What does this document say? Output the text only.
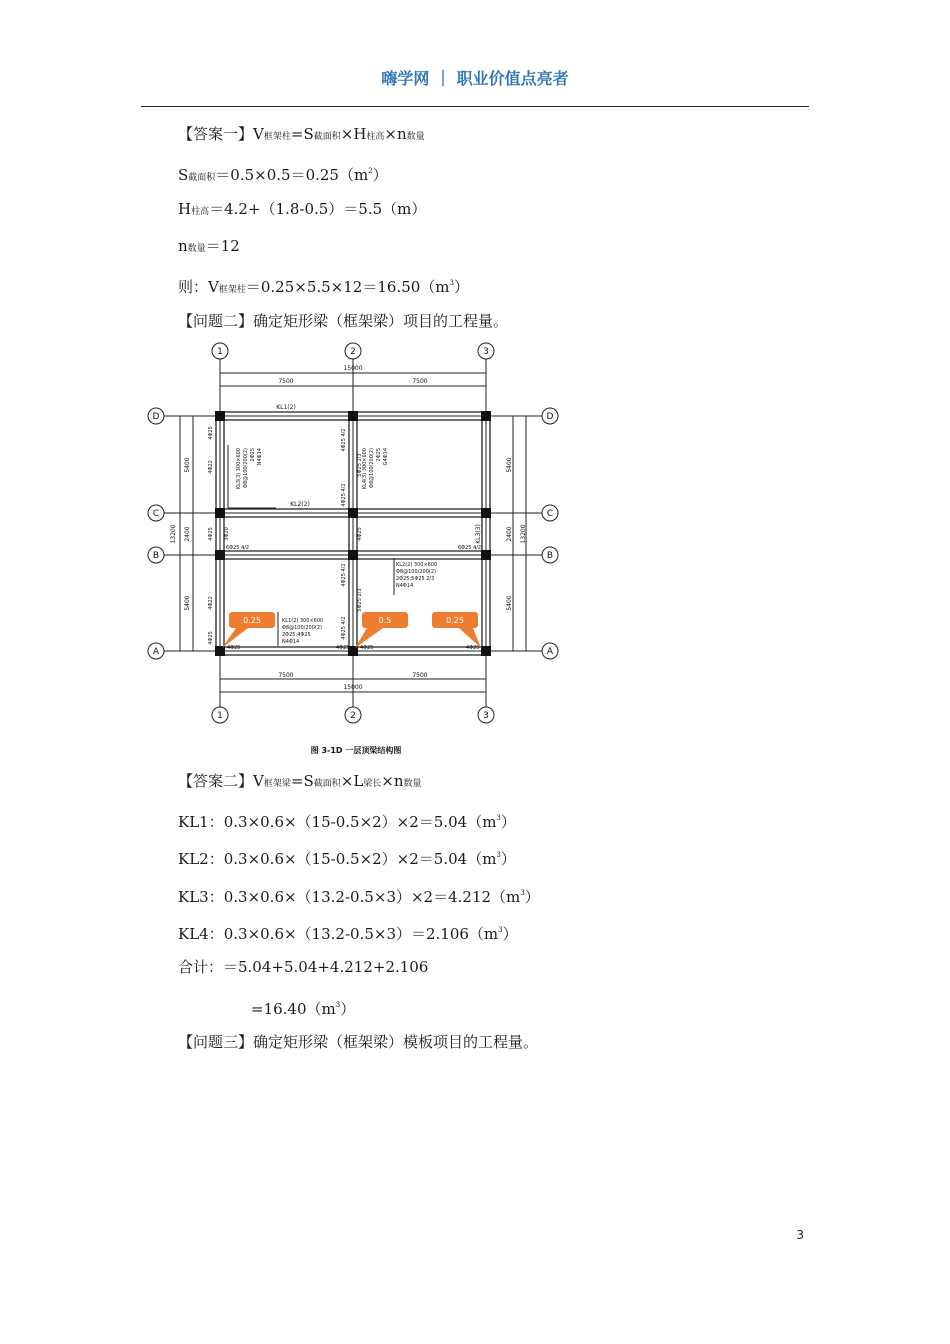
嗨学网 ｜ 职业价值点亮者
【答案一】V框架柱=S截面积×H柱高×n数量
S截面积$=0.5\times 0.5=0.25(m^2)$
H柱高＝4.2+（1.8-0.5）＝5.5（m）
n数量＝12
则：V框架柱$=0.25\times 5.5\times 12=16.50(m^3)$
【问题二】确定矩形梁（框架梁）项目的工程量。
1	2	3
1	2	3
D
C
B
A
D
C
B
A
15000
7500	7500
7500	7500
15000
KL1(2)
KL2(2)
13200
5400
2400
5400
5400
2400
5400
13200
KL3(3)
4Φ25
4Φ22
4Φ25 3Φ20
4Φ22
4Φ25
4Φ25 4/2
4Φ25 4/2
5Φ25 2/3
4Φ25
4Φ25 4/2
5Φ25 2/3
4Φ25 4/2
6Φ25 4/2	6Φ25 4/2
4Φ25	4Φ25 4Φ25	4Φ25
KL3(3) 300×600 Φ8@100/200(2) 2Φ25 N4Φ14	KL4(3) 300×600 Φ8@100/200(2) 2Φ25 G4Φ14
KL2(2) 300×600
Φ8@100/200(2)
2Φ25;5Φ25 2/3
N4Φ14
KL1(2) 300×600
Φ8@100/200(2)
2Φ25;4Φ25
N4Φ14
0.25	0.5	0.25
图 3-1D 一层顶梁结构图
【答案二】V框架梁=S截面积×L梁长×n数量
KL1：$0.3\times 0.6\times(15-0.5\times 2)\times 2=5.04(m^3)$
KL2：$0.3\times 0.6\times(15-0.5\times 2)\times 2=5.04(m^3)$
KL3：$0.3\times 0.6\times(13.2-0.5\times 3)\times 2=4.212(m^3)$
KL4：$0.3\times 0.6\times(13.2-0.5\times 3)=2.106(m^3)$
合计：＝5.04+5.04+4.212+2.106
$=16.40(m^3)$
【问题三】确定矩形梁（框架梁）模板项目的工程量。
3
